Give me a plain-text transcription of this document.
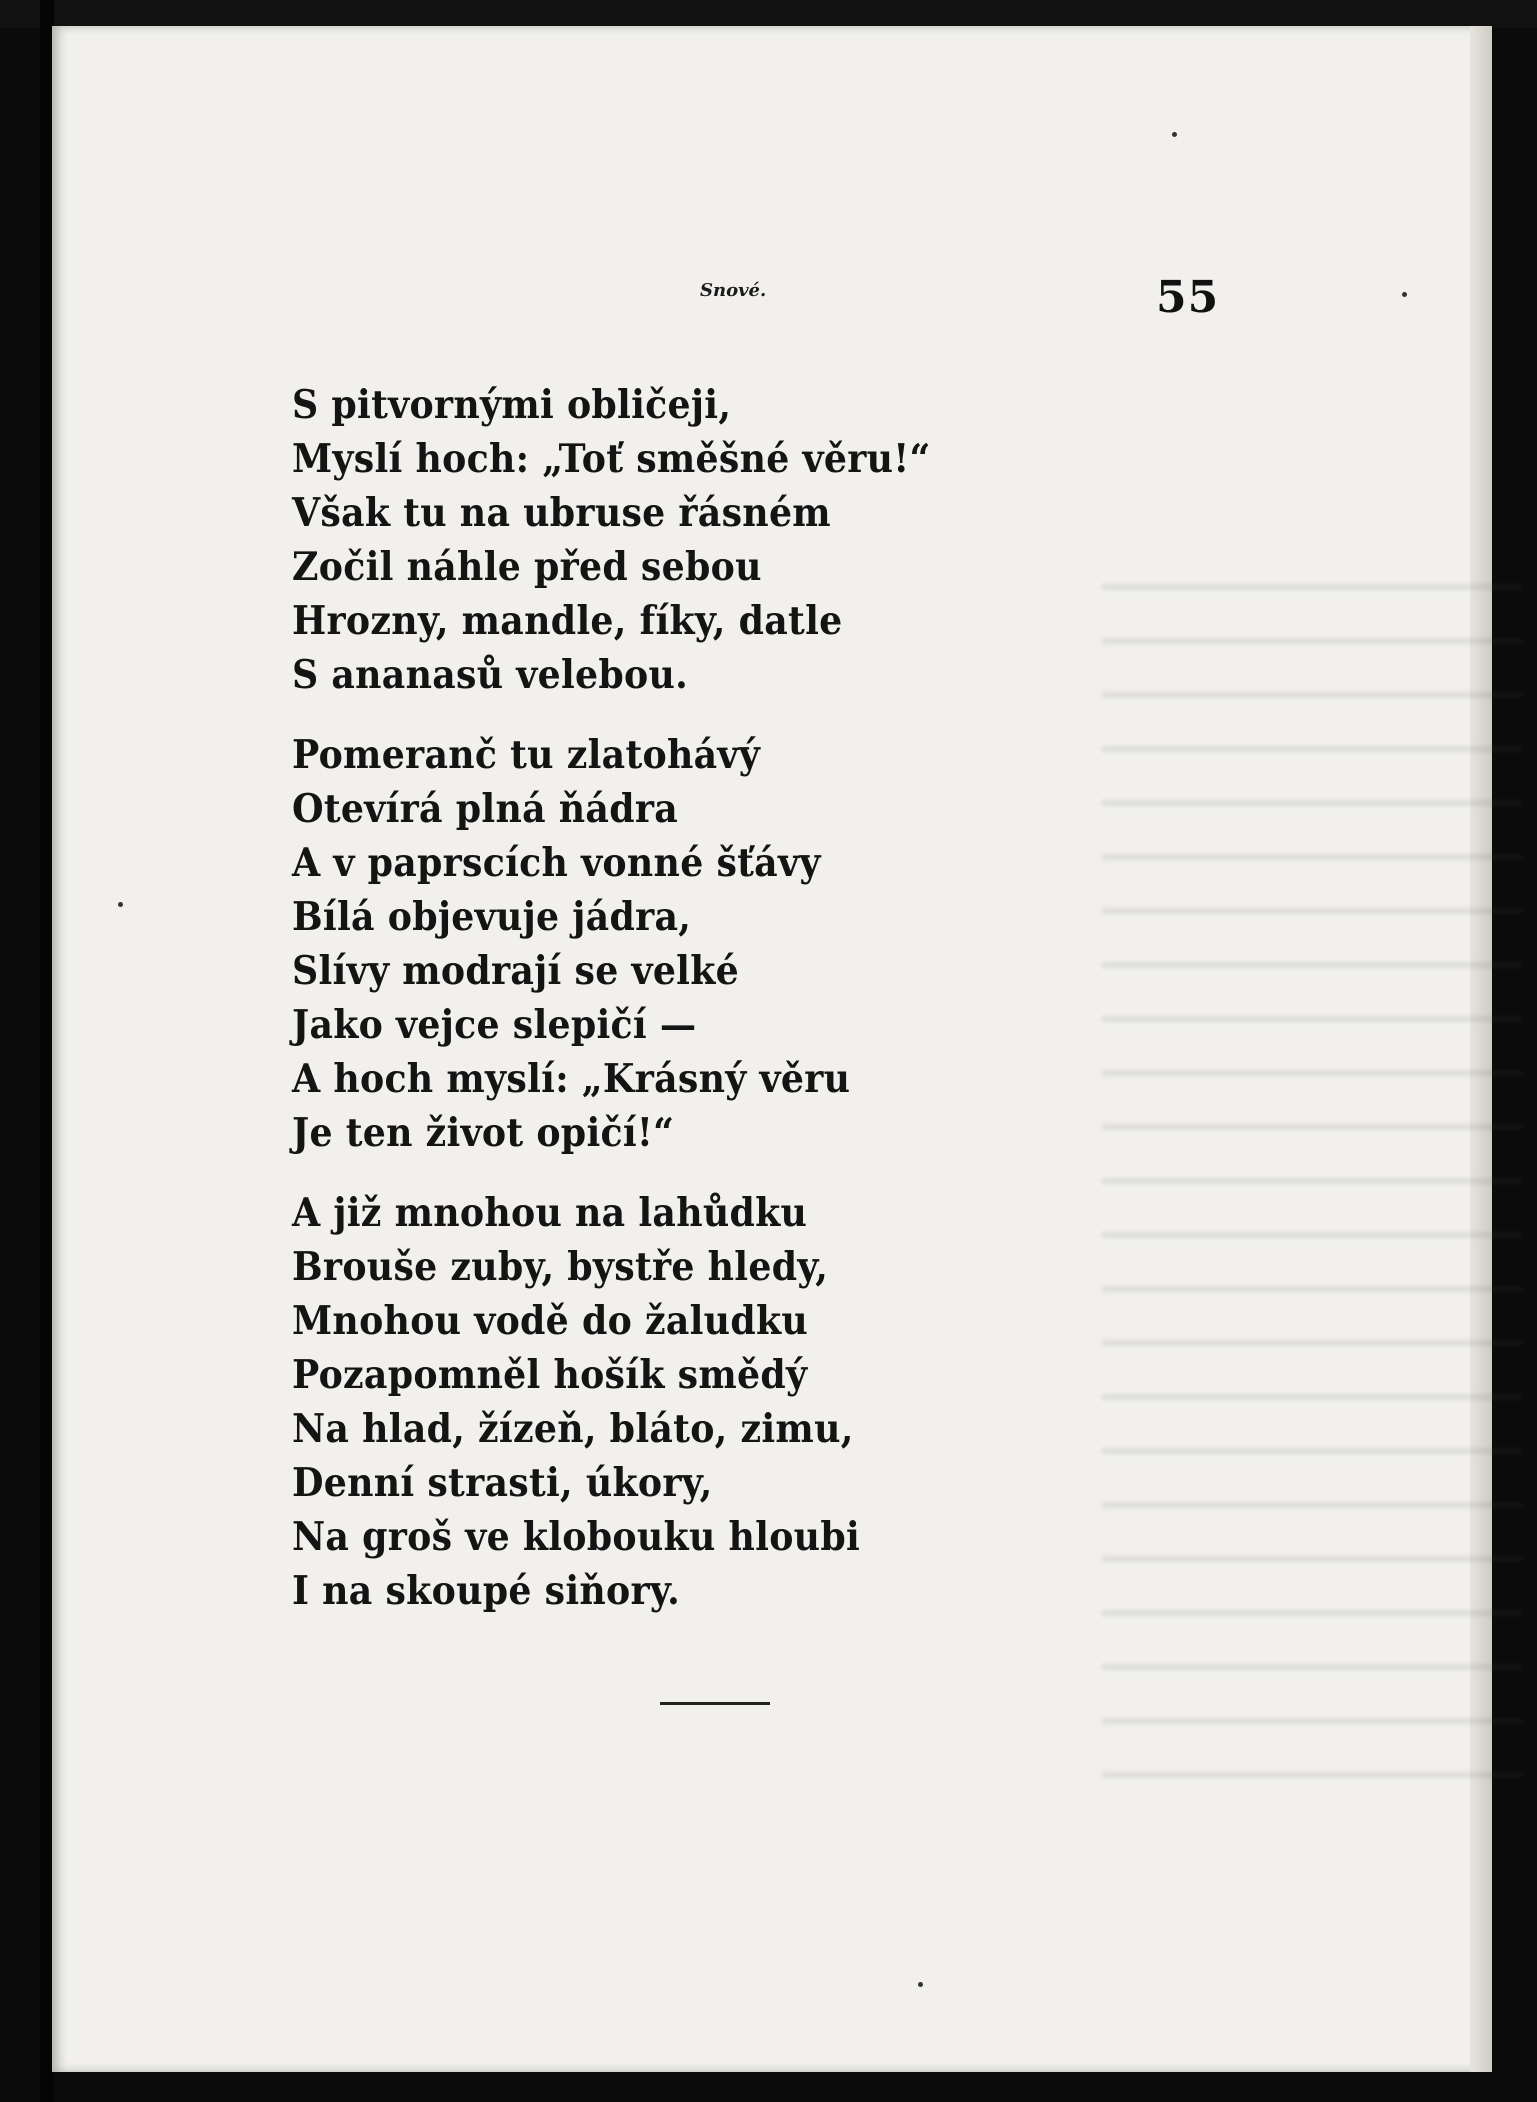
Snové.	55
S pitvornými obličeji,
Myslí hoch: „Toť směšné věru!“
Však tu na ubruse řásném
Zočil náhle před sebou
Hrozny, mandle, fíky, datle
S ananasů velebou.
Pomeranč tu zlatohávý
Otevírá plná ňádra
A v paprscích vonné šťávy
Bílá objevuje jádra,
Slívy modrají se velké
Jako vejce slepičí —
A hoch myslí: „Krásný věru
Je ten život opičí!“
A již mnohou na lahůdku
Brouše zuby, bystře hledy,
Mnohou vodě do žaludku
Pozapomněl hošík smědý
Na hlad, žízeň, bláto, zimu,
Denní strasti, úkory,
Na groš ve klobouku hloubi
I na skoupé siňory.
